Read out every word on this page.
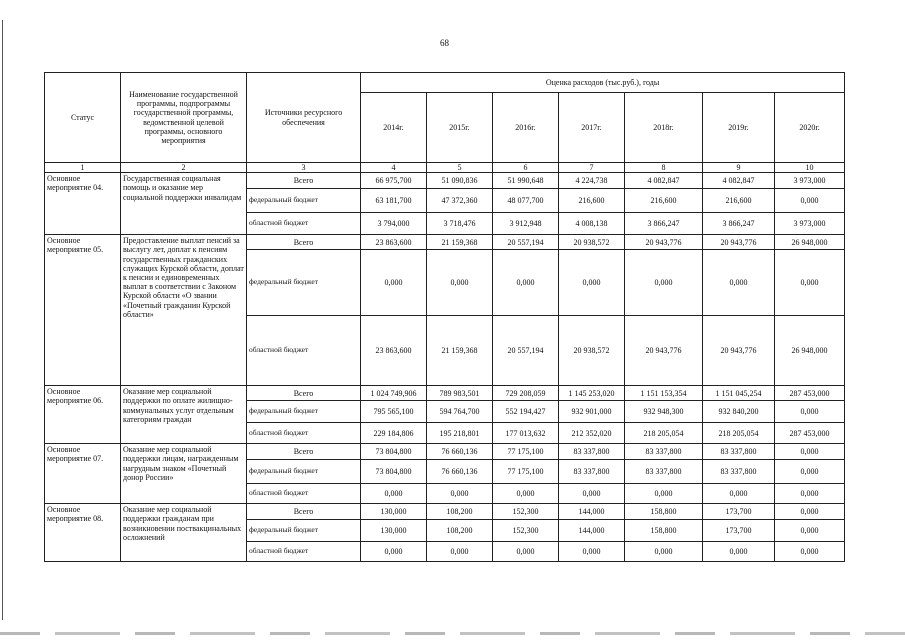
68
Статус	Наименование государственной программы, подпрограммы государственной программы, ведомственной целевой программы, основного мероприятия	Источники ресурсного обеспечения	Оценка расходов (тыс.руб.), годы						
			2014г.	2015г.	2016г.	2017г.	2018г.	2019г.	2020г.
1	2	3	4	5	6	7	8	9	10
Основное мероприятие 04.	Государственная социальная помощь и оказание мер социальной поддержки инвалидам	Всего	66 975,700	51 090,836	51 990,648	4 224,738	4 082,847	4 082,847	3 973,000
		федеральный бюджет	63 181,700	47 372,360	48 077,700	216,600	216,600	216,600	0,000
		областной бюджет	3 794,000	3 718,476	3 912,948	4 008,138	3 866,247	3 866,247	3 973,000
Основное мероприятие 05.	Предоставление выплат пенсий за выслугу лет, доплат к пенсиям государственных гражданских служащих Курской области, доплат к пенсии и единовременных выплат в соответствии с Законом Курской области «О звании «Почетный гражданин Курской области»	Всего	23 863,600	21 159,368	20 557,194	20 938,572	20 943,776	20 943,776	26 948,000
		федеральный бюджет	0,000	0,000	0,000	0,000	0,000	0,000	0,000
		областной бюджет	23 863,600	21 159,368	20 557,194	20 938,572	20 943,776	20 943,776	26 948,000
Основное мероприятие 06.	Оказание мер социальной поддержки по оплате жилищно-коммунальных услуг отдельным категориям граждан	Всего	1 024 749,906	789 983,501	729 208,059	1 145 253,020	1 151 153,354	1 151 045,254	287 453,000
		федеральный бюджет	795 565,100	594 764,700	552 194,427	932 901,000	932 948,300	932 840,200	0,000
		областной бюджет	229 184,806	195 218,801	177 013,632	212 352,020	218 205,054	218 205,054	287 453,000
Основное мероприятие 07.	Оказание мер социальной поддержки лицам, награжденным нагрудным знаком «Почетный донор России»	Всего	73 804,800	76 660,136	77 175,100	83 337,800	83 337,800	83 337,800	0,000
		федеральный бюджет	73 804,800	76 660,136	77 175,100	83 337,800	83 337,800	83 337,800	0,000
		областной бюджет	0,000	0,000	0,000	0,000	0,000	0,000	0,000
Основное мероприятие 08.	Оказание мер социальной поддержки гражданам при возникновении поствакцинальных осложнений	Всего	130,000	108,200	152,300	144,000	158,800	173,700	0,000
		федеральный бюджет	130,000	108,200	152,300	144,000	158,800	173,700	0,000
		областной бюджет	0,000	0,000	0,000	0,000	0,000	0,000	0,000
